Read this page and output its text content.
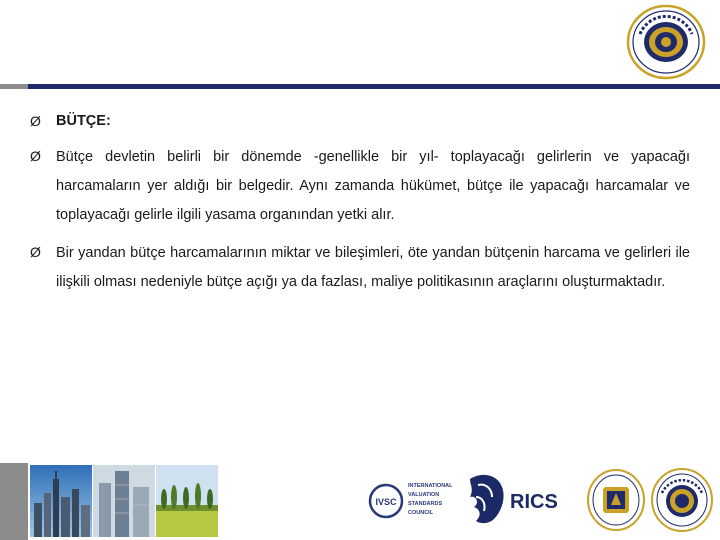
Ø BÜTÇE:
Ø Bütçe devletin belirli bir dönemde -genellikle bir yıl- toplayacağı gelirlerin ve yapacağı harcamaların yer aldığı bir belgedir. Aynı zamanda hükümet, bütçe ile yapacağı harcamalar ve toplayacağı gelirle ilgili yasama organından yetki alır.
Ø Bir yandan bütçe harcamalarının miktar ve bileşimleri, öte yandan bütçenin harcama ve gelirleri ile ilişkili olması nedeniyle bütçe açığı ya da fazlası, maliye politikasının araçlarını oluşturmaktadır.
IVSC
INTERNATIONAL
VALUATION
STANDARDS
COUNCIL	RICS
